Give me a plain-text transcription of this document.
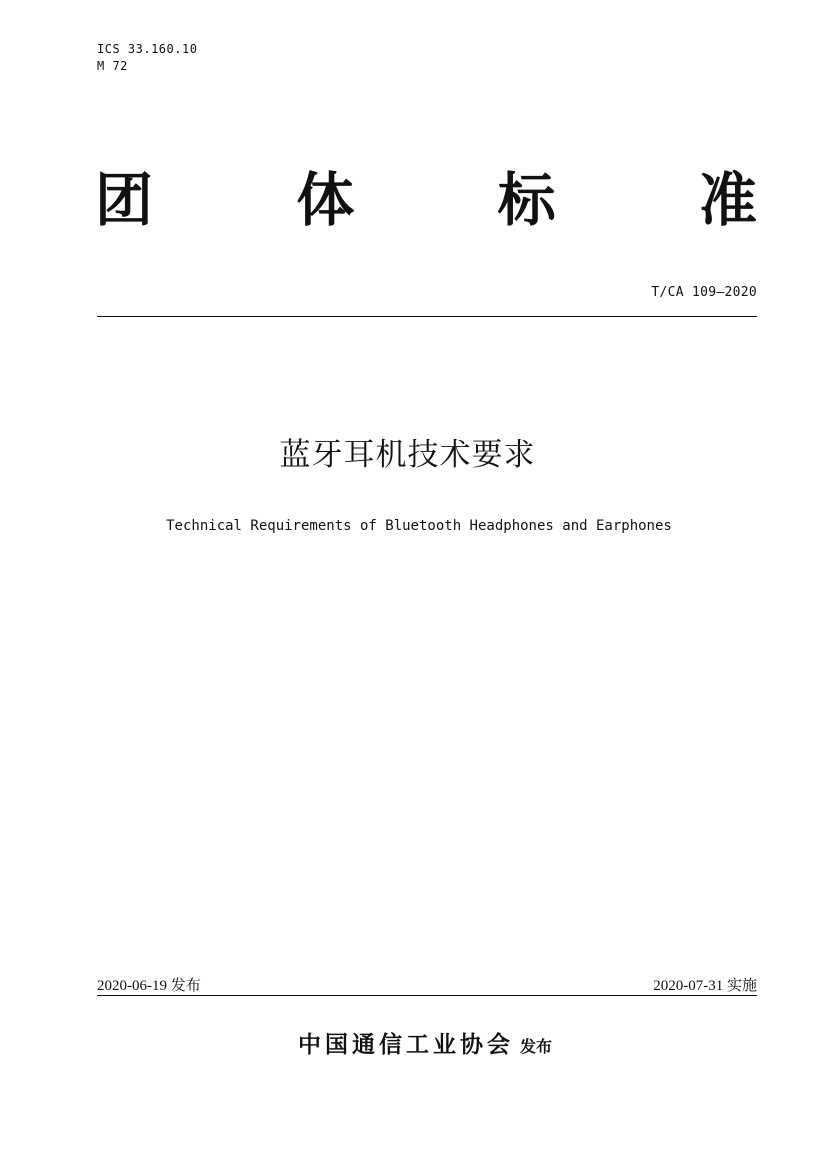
ICS 33.160.10
M 72
团 体 标 准
T/CA 109—2020
蓝牙耳机技术要求
Technical Requirements of Bluetooth Headphones and Earphones
2020-06-19 发布	2020-07-31 实施
中国通信工业协会 发布
